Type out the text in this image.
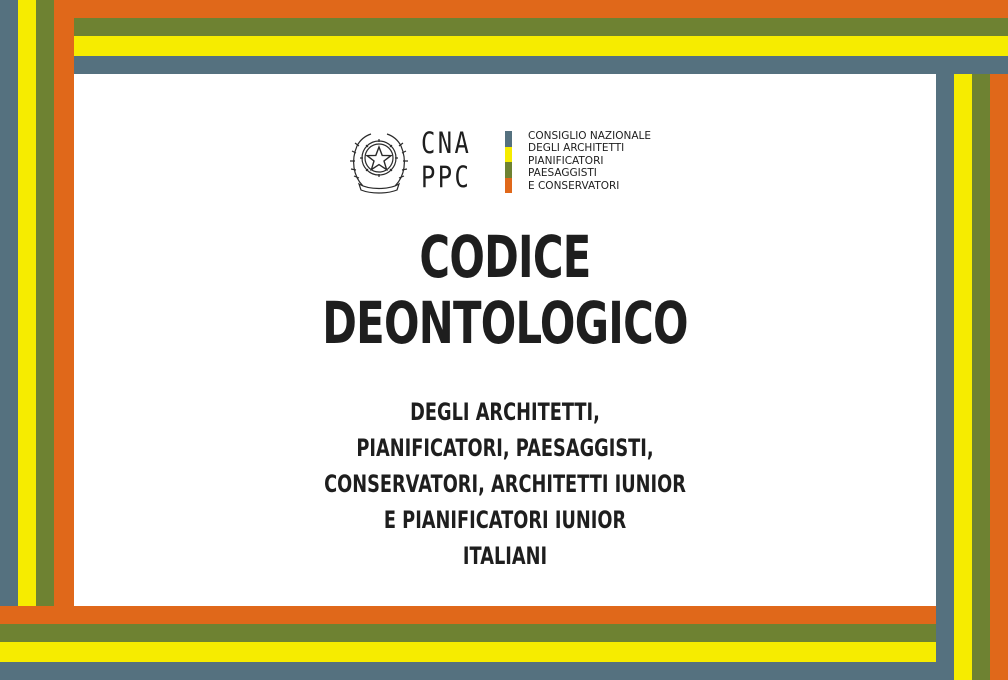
CNA
PPC
CONSIGLIO NAZIONALE
DEGLI ARCHITETTI
PIANIFICATORI
PAESAGGISTI
E CONSERVATORI
CODICE
DEONTOLOGICO
DEGLI ARCHITETTI,
PIANIFICATORI, PAESAGGISTI,
CONSERVATORI, ARCHITETTI IUNIOR
E PIANIFICATORI IUNIOR
ITALIANI
